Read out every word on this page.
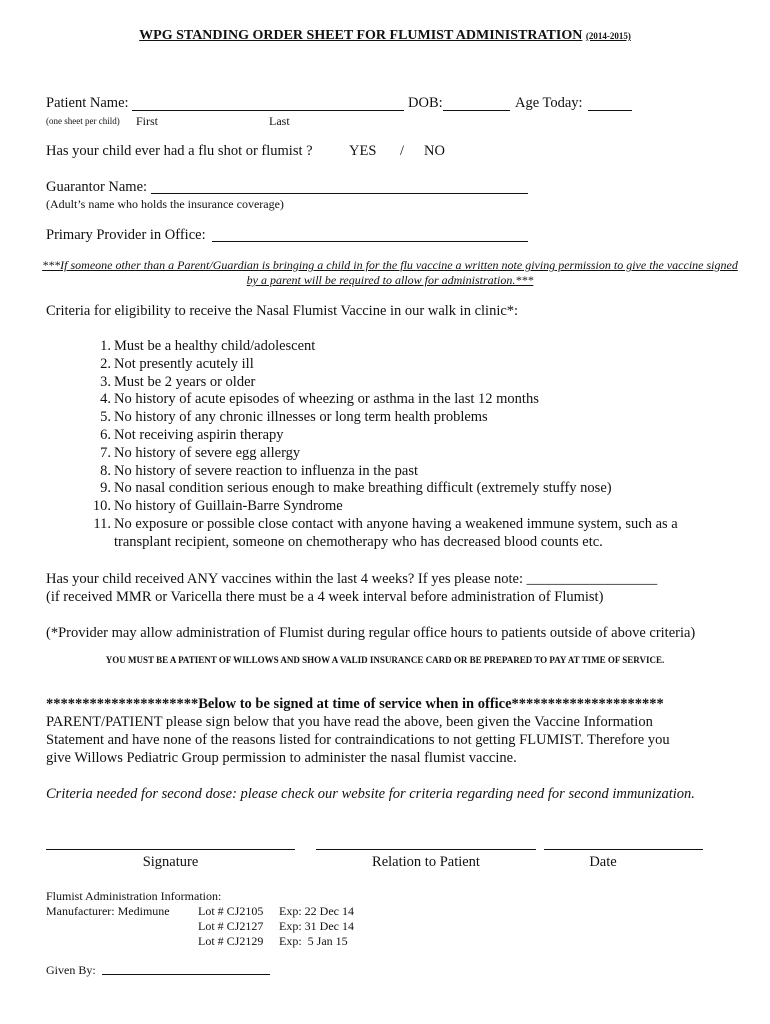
WPG STANDING ORDER SHEET FOR FLUMIST ADMINISTRATION (2014-2015)
Patient Name:	DOB:	Age Today:
(one sheet per child) First	Last
Has your child ever had a flu shot or flumist ?	YES / NO
Guarantor Name:
(Adult’s name who holds the insurance coverage)
Primary Provider in Office:
***If someone other than a Parent/Guardian is bringing a child in for the flu vaccine a written note giving permission to give the vaccine signed by a parent will be required to allow for administration.***
Criteria for eligibility to receive the Nasal Flumist Vaccine in our walk in clinic*:
1. Must be a healthy child/adolescent
2. Not presently acutely ill
3. Must be 2 years or older
4. No history of acute episodes of wheezing or asthma in the last 12 months
5. No history of any chronic illnesses or long term health problems
6. Not receiving aspirin therapy
7. No history of severe egg allergy
8. No history of severe reaction to influenza in the past
9. No nasal condition serious enough to make breathing difficult (extremely stuffy nose)
10. No history of Guillain-Barre Syndrome
11. No exposure or possible close contact with anyone having a weakened immune system, such as a transplant recipient, someone on chemotherapy who has decreased blood counts etc.
Has your child received ANY vaccines within the last 4 weeks? If yes please note: __________________
(if received MMR or Varicella there must be a 4 week interval before administration of Flumist)
(*Provider may allow administration of Flumist during regular office hours to patients outside of above criteria)
YOU MUST BE A PATIENT OF WILLOWS AND SHOW A VALID INSURANCE CARD OR BE PREPARED TO PAY AT TIME OF SERVICE.
*********************Below to be signed at time of service when in office*********************
PARENT/PATIENT please sign below that you have read the above, been given the Vaccine Information
Statement and have none of the reasons listed for contraindications to not getting FLUMIST. Therefore you
give Willows Pediatric Group permission to administer the nasal flumist vaccine.
Criteria needed for second dose: please check our website for criteria regarding need for second immunization.
Signature	Relation to Patient	Date
Flumist Administration Information:
Manufacturer: Medimune Lot # CJ2105 Exp: 22 Dec 14
Lot # CJ2127 Exp: 31 Dec 14
Lot # CJ2129 Exp:  5 Jan 15
Given By:
